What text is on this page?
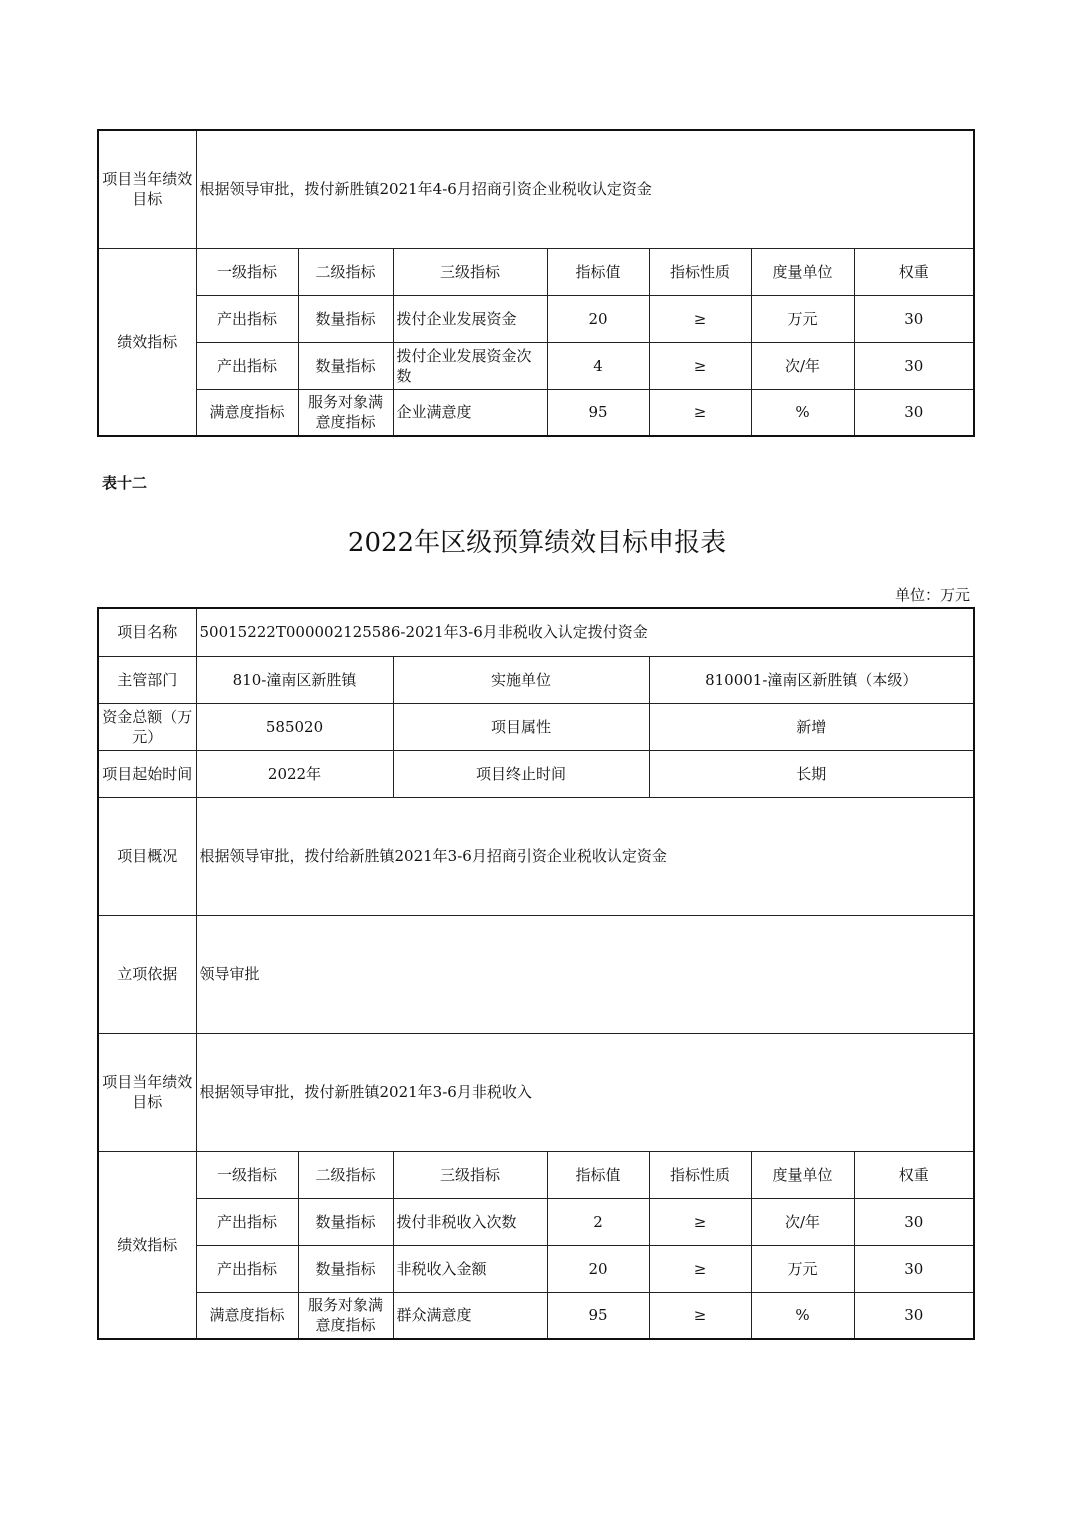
项目当年绩效目标	根据领导审批，拨付新胜镇2021年4-6月招商引资企业税收认定资金						
绩效指标	一级指标	二级指标	三级指标	指标值	指标性质	度量单位	权重
	产出指标	数量指标	拨付企业发展资金	20	≥	万元	30
	产出指标	数量指标	拨付企业发展资金次数	4	≥	次/年	30
	满意度指标	服务对象满意度指标	企业满意度	95	≥	%	30
表十二
2022年区级预算绩效目标申报表
单位：万元
项目名称	50015222T000002125586-2021年3-6月非税收入认定拨付资金						
主管部门	810-潼南区新胜镇		实施单位		810001-潼南区新胜镇（本级）		
资金总额（万元）	585020		项目属性		新增		
项目起始时间	2022年		项目终止时间		长期		
项目概况	根据领导审批，拨付给新胜镇2021年3-6月招商引资企业税收认定资金						
立项依据	领导审批						
项目当年绩效目标	根据领导审批，拨付新胜镇2021年3-6月非税收入						
绩效指标	一级指标	二级指标	三级指标	指标值	指标性质	度量单位	权重
	产出指标	数量指标	拨付非税收入次数	2	≥	次/年	30
	产出指标	数量指标	非税收入金额	20	≥	万元	30
	满意度指标	服务对象满意度指标	群众满意度	95	≥	%	30
